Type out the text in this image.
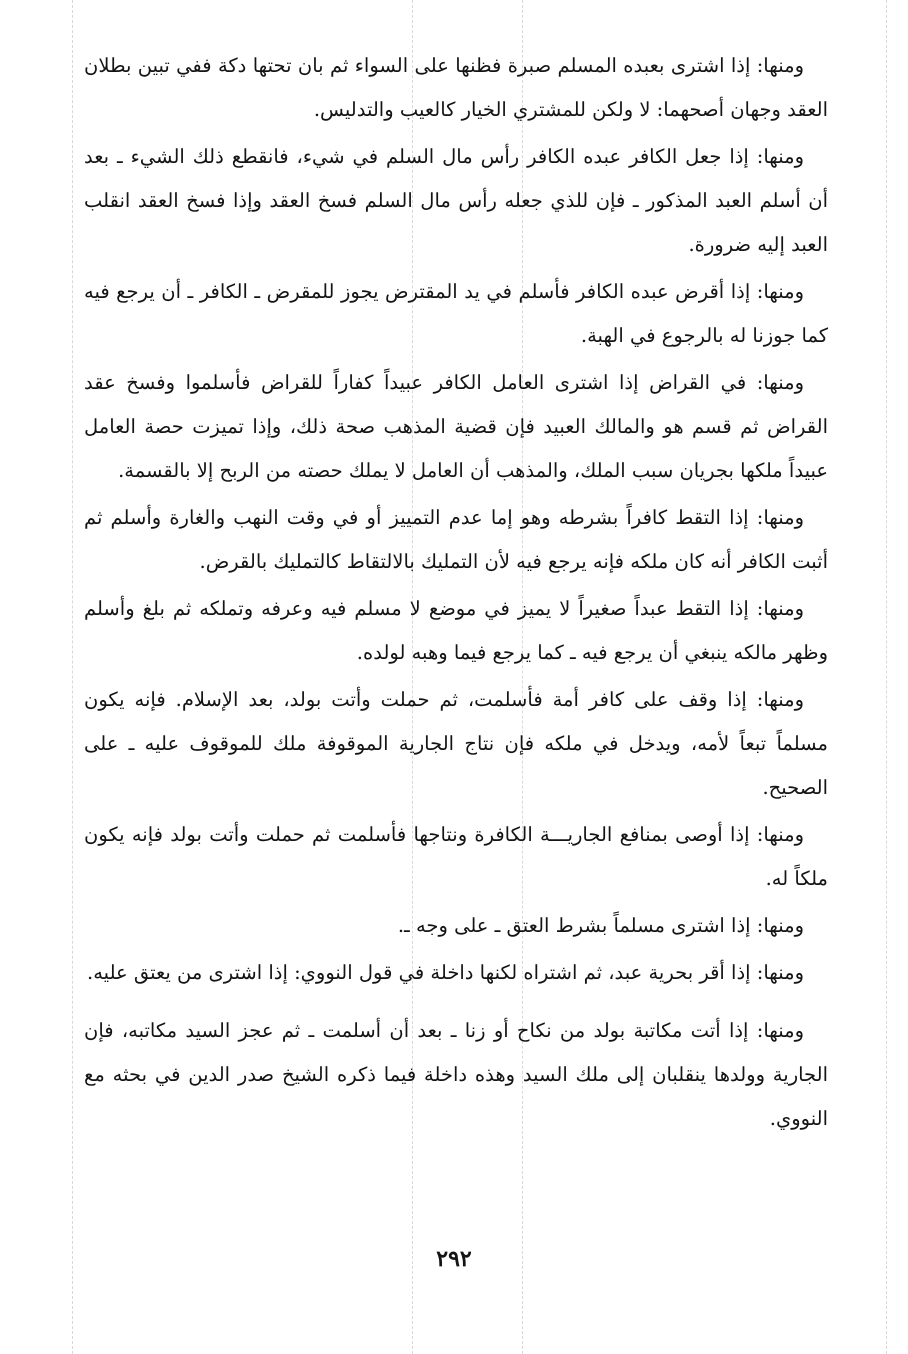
ومنها: إذا اشترى بعبده المسلم صبرة فظنها على السواء ثم بان تحتها دكة ففي تبين بطلان العقد وجهان أصحهما: لا ولكن للمشتري الخيار كالعيب والتدليس.

ومنها: إذا جعل الكافر عبده الكافر رأس مال السلم في شيء، فانقطع ذلك الشيء ـ بعد أن أسلم العبد المذكور ـ فإن للذي جعله رأس مال السلم فسخ العقد وإذا فسخ العقد انقلب العبد إليه ضرورة.

ومنها: إذا أقرض عبده الكافر فأسلم في يد المقترض يجوز للمقرض ـ الكافر ـ أن يرجع فيه كما جوزنا له بالرجوع في الهبة.

ومنها: في القراض إذا اشترى العامل الكافر عبيداً كفاراً للقراض فأسلموا وفسخ عقد القراض ثم قسم هو والمالك العبيد فإن قضية المذهب صحة ذلك، وإذا تميزت حصة العامل عبيداً ملكها بجريان سبب الملك، والمذهب أن العامل لا يملك حصته من الربح إلا بالقسمة.

ومنها: إذا التقط كافراً بشرطه وهو إما عدم التمييز أو في وقت النهب والغارة وأسلم ثم أثبت الكافر أنه كان ملكه فإنه يرجع فيه لأن التمليك بالالتقاط كالتمليك بالقرض.

ومنها: إذا التقط عبداً صغيراً لا يميز في موضع لا مسلم فيه وعرفه وتملكه ثم بلغ وأسلم وظهر مالكه ينبغي أن يرجع فيه ـ كما يرجع فيما وهبه لولده.

ومنها: إذا وقف على كافر أمة فأسلمت، ثم حملت وأتت بولد، بعد الإسلام. فإنه يكون مسلماً تبعاً لأمه، ويدخل في ملكه فإن نتاج الجارية الموقوفة ملك للموقوف عليه ـ على الصحيح.

ومنها: إذا أوصى بمنافع الجاريـــة الكافرة ونتاجها فأسلمت ثم حملت وأتت بولد فإنه يكون ملكاً له.

ومنها: إذا اشترى مسلماً بشرط العتق ـ على وجه ـ.

ومنها: إذا أقر بحرية عبد، ثم اشتراه لكنها داخلة في قول النووي: إذا اشترى من يعتق عليه.

ومنها: إذا أتت مكاتبة بولد من نكاح أو زنا ـ بعد أن أسلمت ـ ثم عجز السيد مكاتبه، فإن الجارية وولدها ينقلبان إلى ملك السيد وهذه داخلة فيما ذكره الشيخ صدر الدين في بحثه مع النووي.

٢٩٢
